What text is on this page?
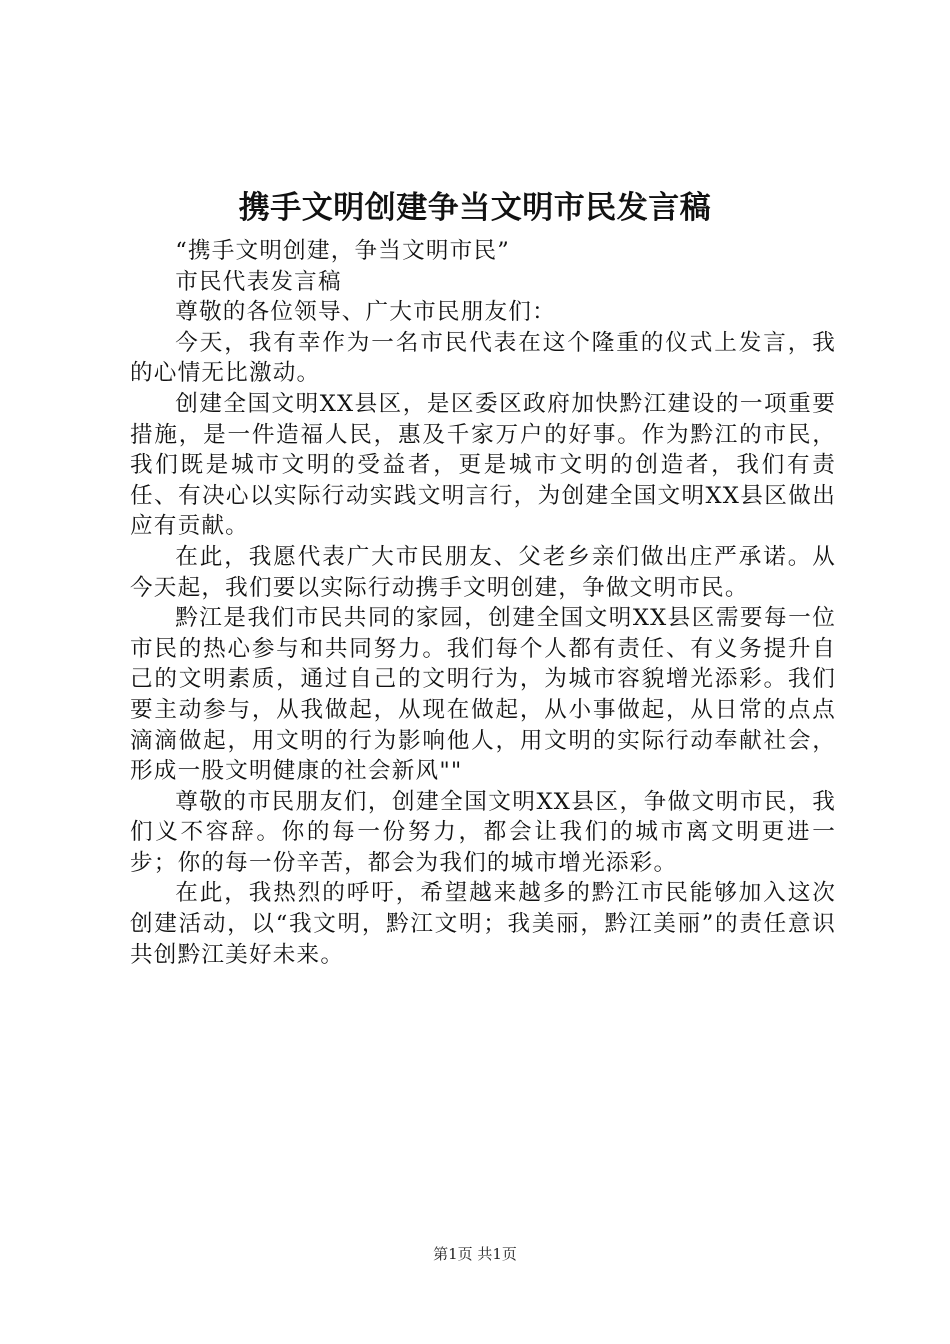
携手文明创建争当文明市民发言稿

“携手文明创建，争当文明市民”

市民代表发言稿

尊敬的各位领导、广大市民朋友们：

今天，我有幸作为一名市民代表在这个隆重的仪式上发言，我的心情无比激动。

创建全国文明XX县区，是区委区政府加快黔江建设的一项重要措施，是一件造福人民，惠及千家万户的好事。作为黔江的市民，我们既是城市文明的受益者，更是城市文明的创造者，我们有责任、有决心以实际行动实践文明言行，为创建全国文明XX县区做出应有贡献。

在此，我愿代表广大市民朋友、父老乡亲们做出庄严承诺。从今天起，我们要以实际行动携手文明创建，争做文明市民。

黔江是我们市民共同的家园，创建全国文明XX县区需要每一位市民的热心参与和共同努力。我们每个人都有责任、有义务提升自己的文明素质，通过自己的文明行为，为城市容貌增光添彩。我们要主动参与，从我做起，从现在做起，从小事做起，从日常的点点滴滴做起，用文明的行为影响他人，用文明的实际行动奉献社会，形成一股文明健康的社会新风""

尊敬的市民朋友们，创建全国文明XX县区，争做文明市民，我们义不容辞。你的每一份努力，都会让我们的城市离文明更进一步；你的每一份辛苦，都会为我们的城市增光添彩。

在此，我热烈的呼吁，希望越来越多的黔江市民能够加入这次创建活动，以“我文明，黔江文明；我美丽，黔江美丽”的责任意识共创黔江美好未来。

第1页 共1页
